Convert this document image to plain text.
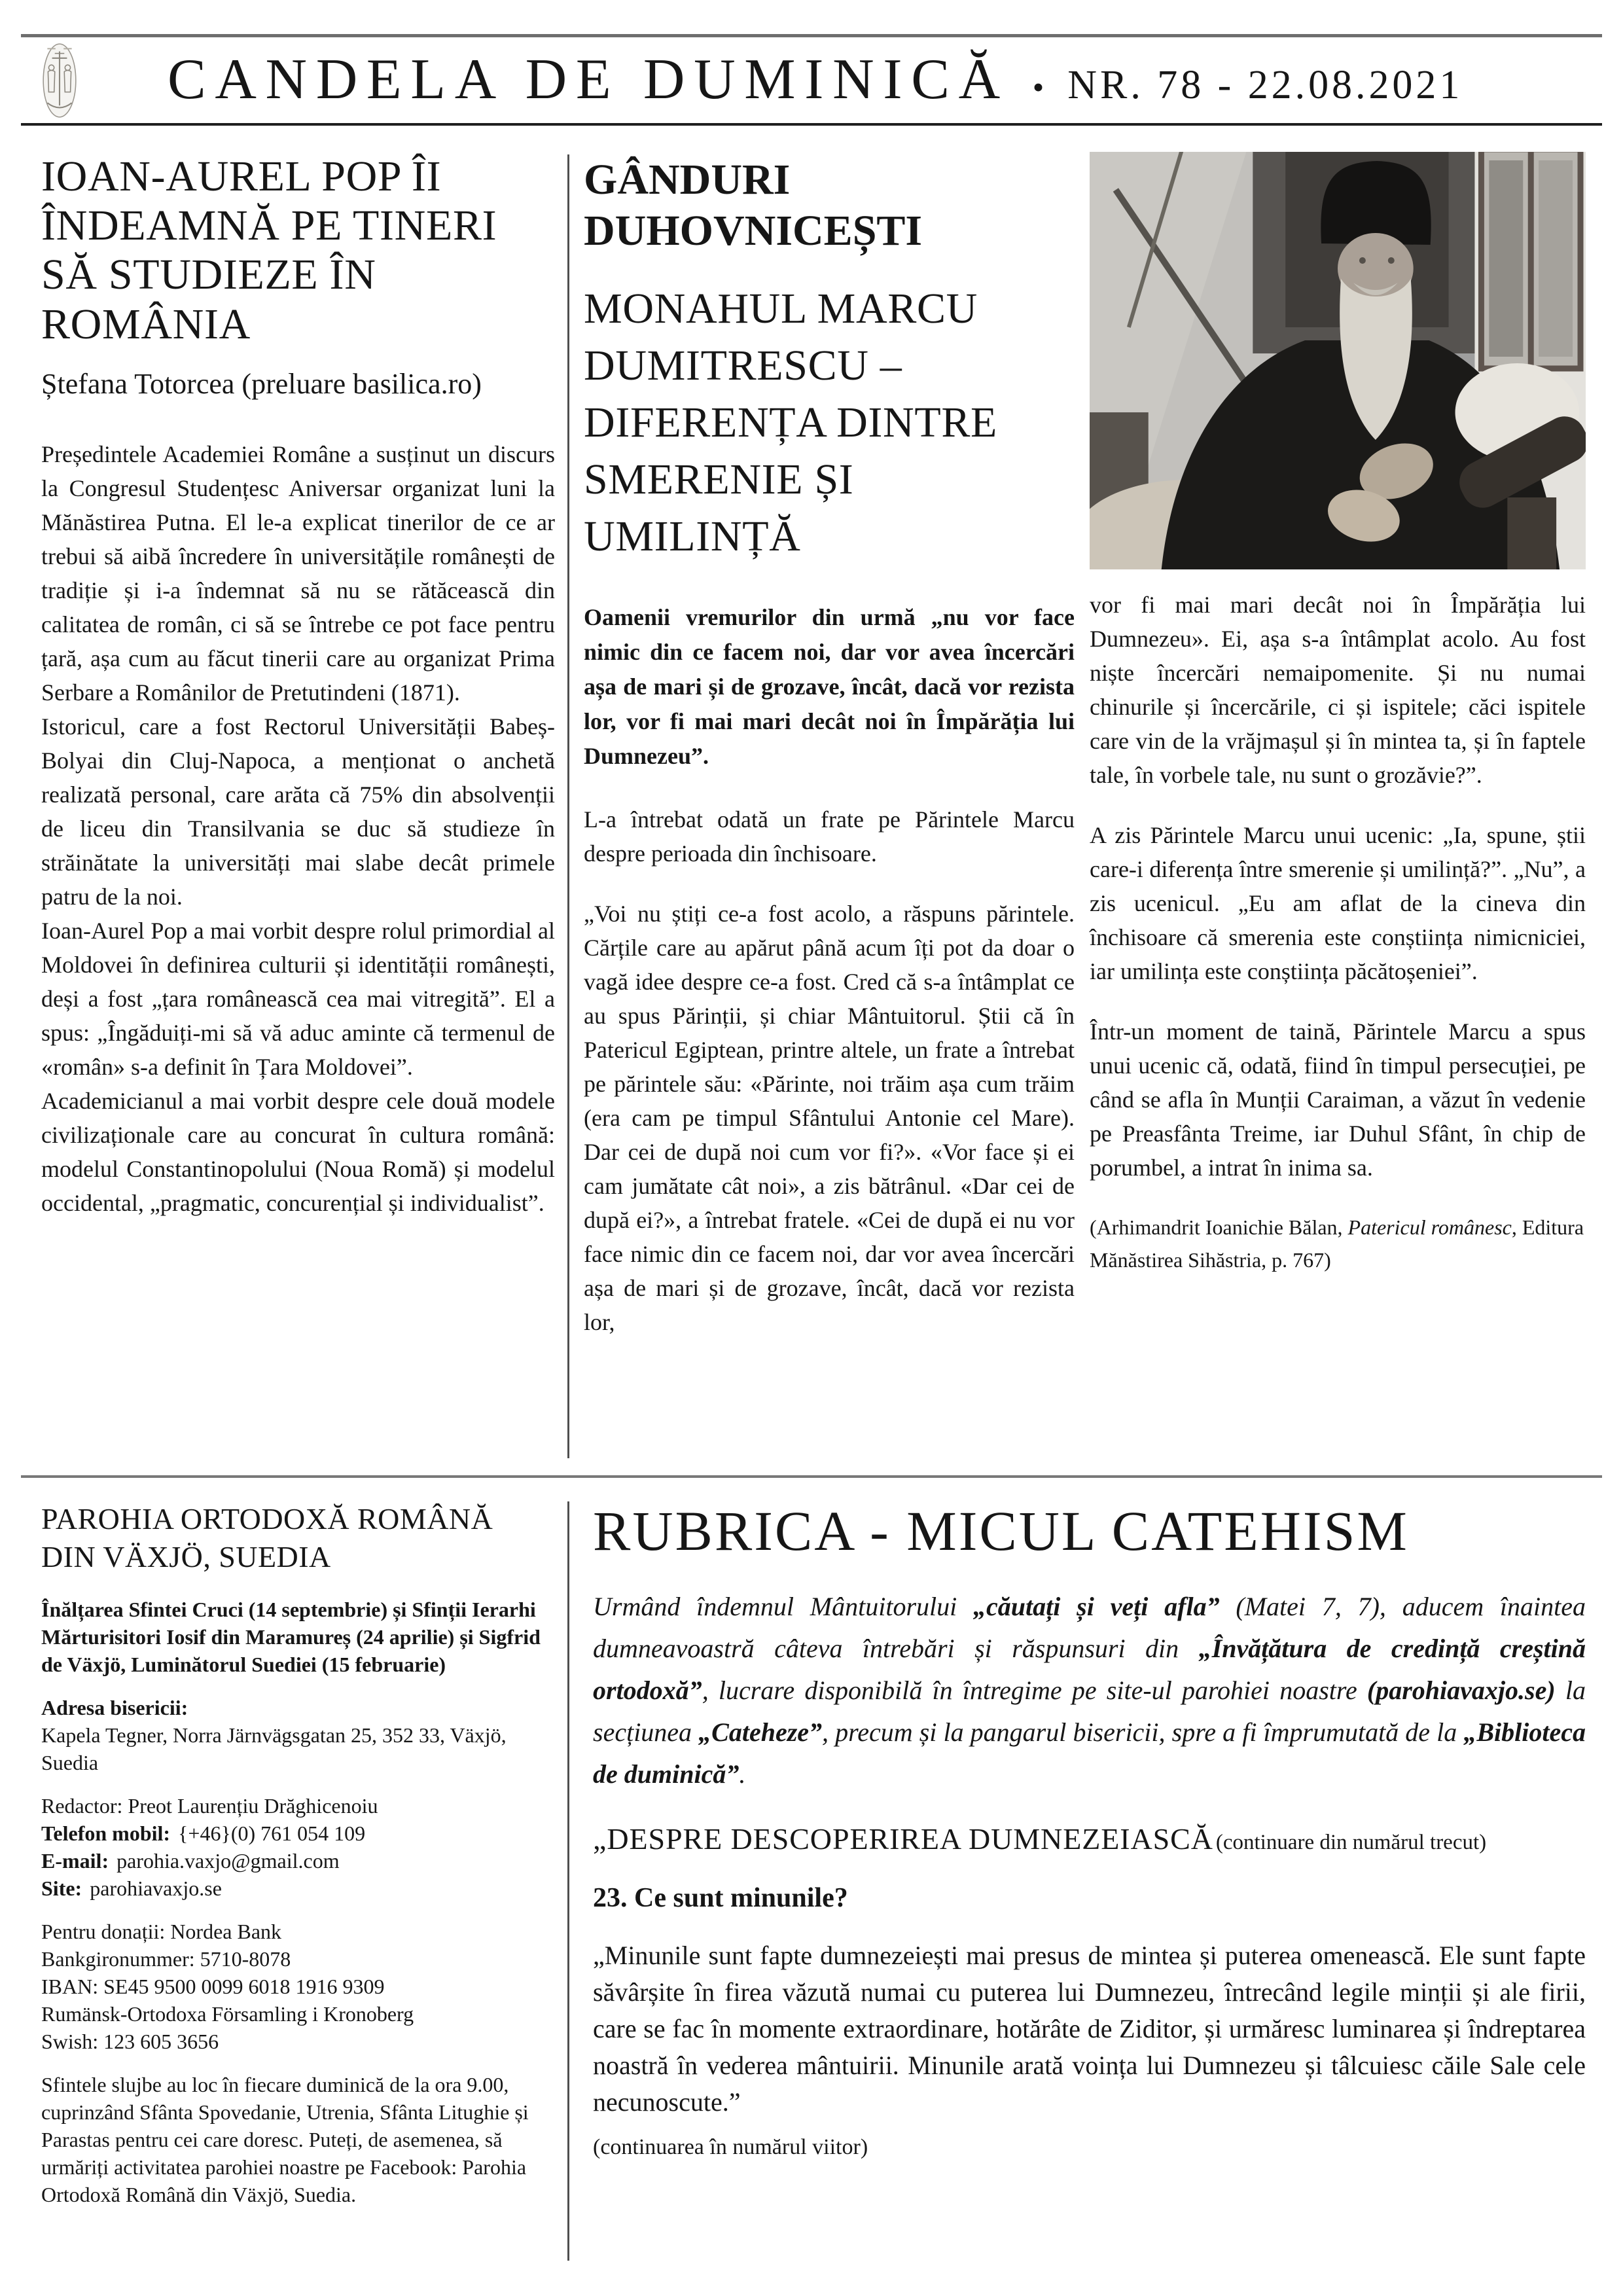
CANDELA DE DUMINICĂ • NR. 78 - 22.08.2021
IOAN-AUREL POP ÎI ÎNDEAMNĂ PE TINERI SĂ STUDIEZE ÎN ROMÂNIA

Ștefana Totorcea (preluare basilica.ro)

Președintele Academiei Române a susținut un discurs la Congresul Studențesc Aniversar organizat luni la Mănăstirea Putna. El le-a explicat tinerilor de ce ar trebui să aibă încredere în universitățile românești de tradiție și i-a îndemnat să nu se rătăcească din calitatea de român, ci să se întrebe ce pot face pentru țară, așa cum au făcut tinerii care au organizat Prima Serbare a Românilor de Pretutindeni (1871).

Istoricul, care a fost Rectorul Universității Babeș-Bolyai din Cluj-Napoca, a menționat o anchetă realizată personal, care arăta că 75% din absolvenții de liceu din Transilvania se duc să studieze în străinătate la universități mai slabe decât primele patru de la noi.

Ioan-Aurel Pop a mai vorbit despre rolul primordial al Moldovei în definirea culturii și identității românești, deși a fost „țara românească cea mai vitregită”. El a spus: „Îngăduiți-mi să vă aduc aminte că termenul de «român» s-a definit în Țara Moldovei”.

Academicianul a mai vorbit despre cele două modele civilizaționale care au concurat în cultura română: modelul Constantinopolului (Noua Romă) și modelul occidental, „pragmatic, concurențial și individualist”.

GÂNDURI DUHOVNICEȘTI
MONAHUL MARCU DUMITRESCU – DIFERENȚA DINTRE SMERENIE ȘI UMILINȚĂ

Oamenii vremurilor din urmă „nu vor face nimic din ce facem noi, dar vor avea încercări așa de mari și de grozave, încât, dacă vor rezista lor, vor fi mai mari decât noi în Împărăția lui Dumnezeu”.

L-a întrebat odată un frate pe Părintele Marcu despre perioada din închisoare.

„Voi nu știți ce-a fost acolo, a răspuns părintele. Cărțile care au apărut până acum îți pot da doar o vagă idee despre ce-a fost. Cred că s-a întâmplat ce au spus Părinții, și chiar Mântuitorul. Știi că în Patericul Egiptean, printre altele, un frate a întrebat pe părintele său: «Părinte, noi trăim așa cum trăim (era cam pe timpul Sfântului Antonie cel Mare). Dar cei de după noi cum vor fi?». «Vor face și ei cam jumătate cât noi», a zis bătrânul. «Dar cei de după ei?», a întrebat fratele. «Cei de după ei nu vor face nimic din ce facem noi, dar vor avea încercări așa de mari și de grozave, încât, dacă vor rezista lor,

vor fi mai mari decât noi în Împărăția lui Dumnezeu». Ei, așa s-a întâmplat acolo. Au fost niște încercări nemaipomenite. Și nu numai chinurile și încercările, ci și ispitele; căci ispitele care vin de la vrăjmașul și în mintea ta, și în faptele tale, în vorbele tale, nu sunt o grozăvie?”.

A zis Părintele Marcu unui ucenic: „Ia, spune, știi care-i diferența între smerenie și umilință?”. „Nu”, a zis ucenicul. „Eu am aflat de la cineva din închisoare că smerenia este conștiința nimicniciei, iar umilința este conștiința păcătoșeniei”.

Într-un moment de taină, Părintele Marcu a spus unui ucenic că, odată, fiind în timpul persecuției, pe când se afla în Munții Caraiman, a văzut în vedenie pe Preasfânta Treime, iar Duhul Sfânt, în chip de porumbel, a intrat în inima sa.

(Arhimandrit Ioanichie Bălan, Patericul românesc, Editura Mănăstirea Sihăstria, p. 767)

PAROHIA ORTODOXĂ ROMÂNĂ DIN VÄXJÖ, SUEDIA

Înălțarea Sfintei Cruci (14 septembrie) și Sfinții Ierarhi Mărturisitori Iosif din Maramureș (24 aprilie) și Sigfrid de Växjö, Luminătorul Suediei (15 februarie)

Adresa bisericii:

Kapela Tegner, Norra Järnvägsgatan 25, 352 33, Växjö, Suedia

Redactor: Preot Laurențiu Drăghicenoiu

Telefon mobil: {+46}(0) 761 054 109

E-mail: parohia.vaxjo@gmail.com

Site: parohiavaxjo.se

Pentru donații: Nordea Bank

Bankgironummer: 5710-8078

IBAN: SE45 9500 0099 6018 1916 9309

Rumänsk-Ortodoxa Församling i Kronoberg

Swish: 123 605 3656

Sfintele slujbe au loc în fiecare duminică de la ora 9.00, cuprinzând Sfânta Spovedanie, Utrenia, Sfânta Litughie și Parastas pentru cei care doresc. Puteți, de asemenea, să urmăriți activitatea parohiei noastre pe Facebook: Parohia Ortodoxă Română din Växjö, Suedia.

RUBRICA - MICUL CATEHISM

Urmând îndemnul Mântuitorului „căutați și veți afla” (Matei 7, 7), aducem înaintea dumneavoastră câteva întrebări și răspunsuri din „Învățătura de credință creștină ortodoxă”, lucrare disponibilă în întregime pe site-ul parohiei noastre (parohiavaxjo.se) la secțiunea „Cateheze”, precum și la pangarul bisericii, spre a fi împrumutată de la „Biblioteca de duminică”.

„DESPRE DESCOPERIREA DUMNEZEIASCĂ (continuare din numărul trecut)

23. Ce sunt minunile?

„Minunile sunt fapte dumnezeiești mai presus de mintea și puterea omenească. Ele sunt fapte săvârșite în firea văzută numai cu puterea lui Dumnezeu, întrecând legile minții și ale firii, care se fac în momente extraordinare, hotărâte de Ziditor, și urmăresc luminarea și îndreptarea noastră în vederea mântuirii. Minunile arată voința lui Dumnezeu și tâlcuiesc căile Sale cele necunoscute.”

(continuarea în numărul viitor)
